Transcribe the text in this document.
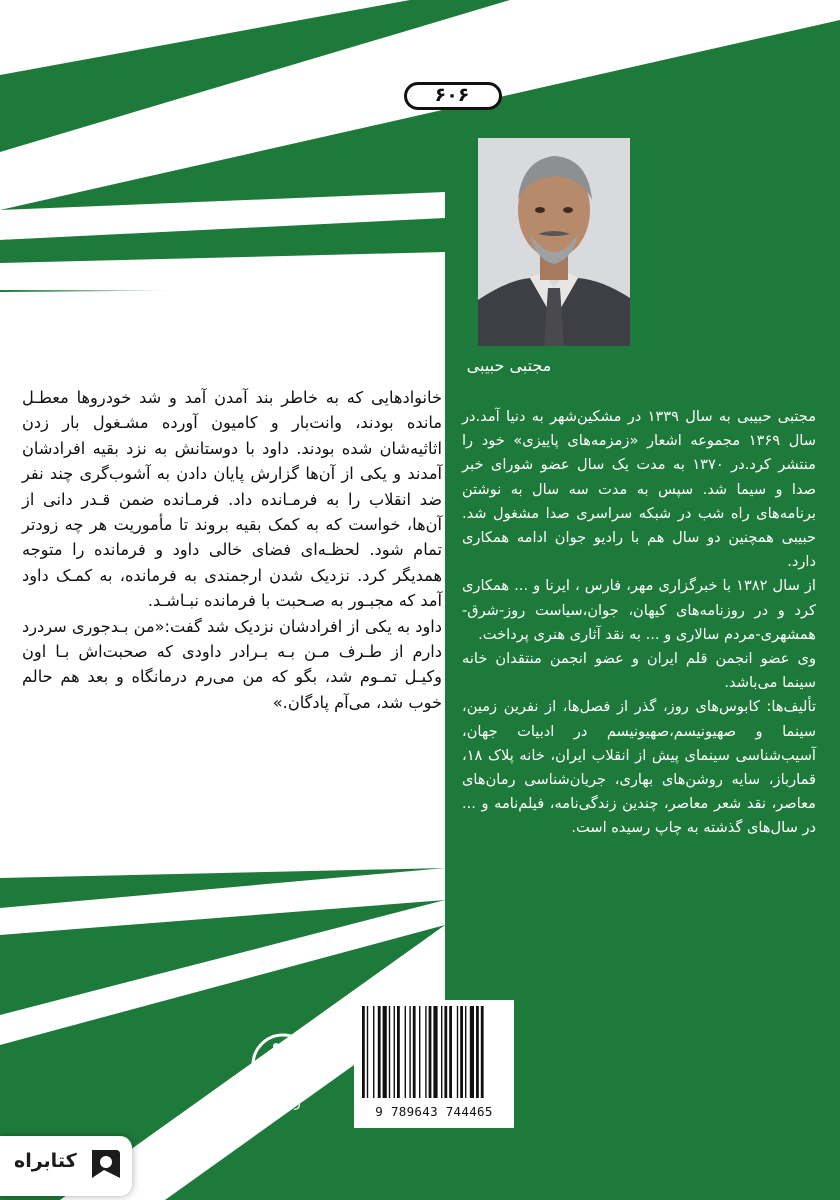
۶۰۶
مجتبی حبیبی

مجتبی حبیبی به سال ۱۳۳۹ در مشکین‌شهر به دنیا آمد.در سال ۱۳۶۹ مجموعه اشعار «زمزمه‌های پاییزی» خود را منتشر کرد.در ۱۳۷۰ به مدت یک سال عضو شورای خبر صدا و سیما شد. سپس به مدت سه سال به نوشتن برنامه‌های راه شب در شبکه سراسری صدا مشغول شد. حبیبی همچنین دو سال هم با رادیو جوان ادامه همکاری دارد.

از سال ۱۳۸۲ با خبرگزاری مهر، فارس ، ایرنا و ... همکاری کرد و در روزنامه‌های کیهان، جوان،سیاست روز-شرق-همشهری-مردم سالاری و ... به نقد آثاری هنری پرداخت.

وی عضو انجمن قلم ایران و عضو انجمن منتقدان خانه سینما می‌باشد.

تألیف‌ها: کابوس‌های روز، گذر از فصل‌ها، از نفرین زمین، سینما و صهیونیسم،صهیونیسم در ادبیات جهان، آسیب‌شناسی سینمای پیش از انقلاب ایران، خانه پلاک ۱۸، قمارباز، سایه روشن‌های بهاری، جریان‌شناسی رمان‌های معاصر، نقد شعر معاصر، چندین زندگی‌نامه، فیلم‌نامه و ... در سال‌های گذشته به چاپ رسیده است.

خانوادهایی که به خاطر بند آمدن آمد و شد خودروها معطـل مانده بودند، وانت‌بار و کامیون آورده مشـغول بار زدن اثاثیه‌شان شده بودند. داود با دوستانش به نزد بقیه افرادشان آمدند و یکی از آن‌ها گزارش پایان دادن به آشوب‌گری چند نفر ضد انقلاب را به فرمـانده داد. فرمـانده ضمن قـدر دانی از آن‌ها، خواست که به کمک بقیه بروند تا مأموریت هر چه زودتر تمام شود. لحظـه‌ای فضای خالی داود و فرمانده را متوجه همدیگر کرد. نزدیک شدن ارجمندی به فرمانده، به کمـک داود آمد که مجبـور به صـحبت با فرمانده نبـاشـد.

داود به یکی از افرادشان نزدیک شد گفت:«من بـدجوری سردرد دارم از طـرف مـن بـه بـرادر داودی که صحبت‌اش بـا اون وکیـل تمـوم شد، بگو که من می‌رم درمانگاه و بعد هم حالم خوب شد، می‌آم پادگان.»

9 789643 744465
روزگار
کتابراه
